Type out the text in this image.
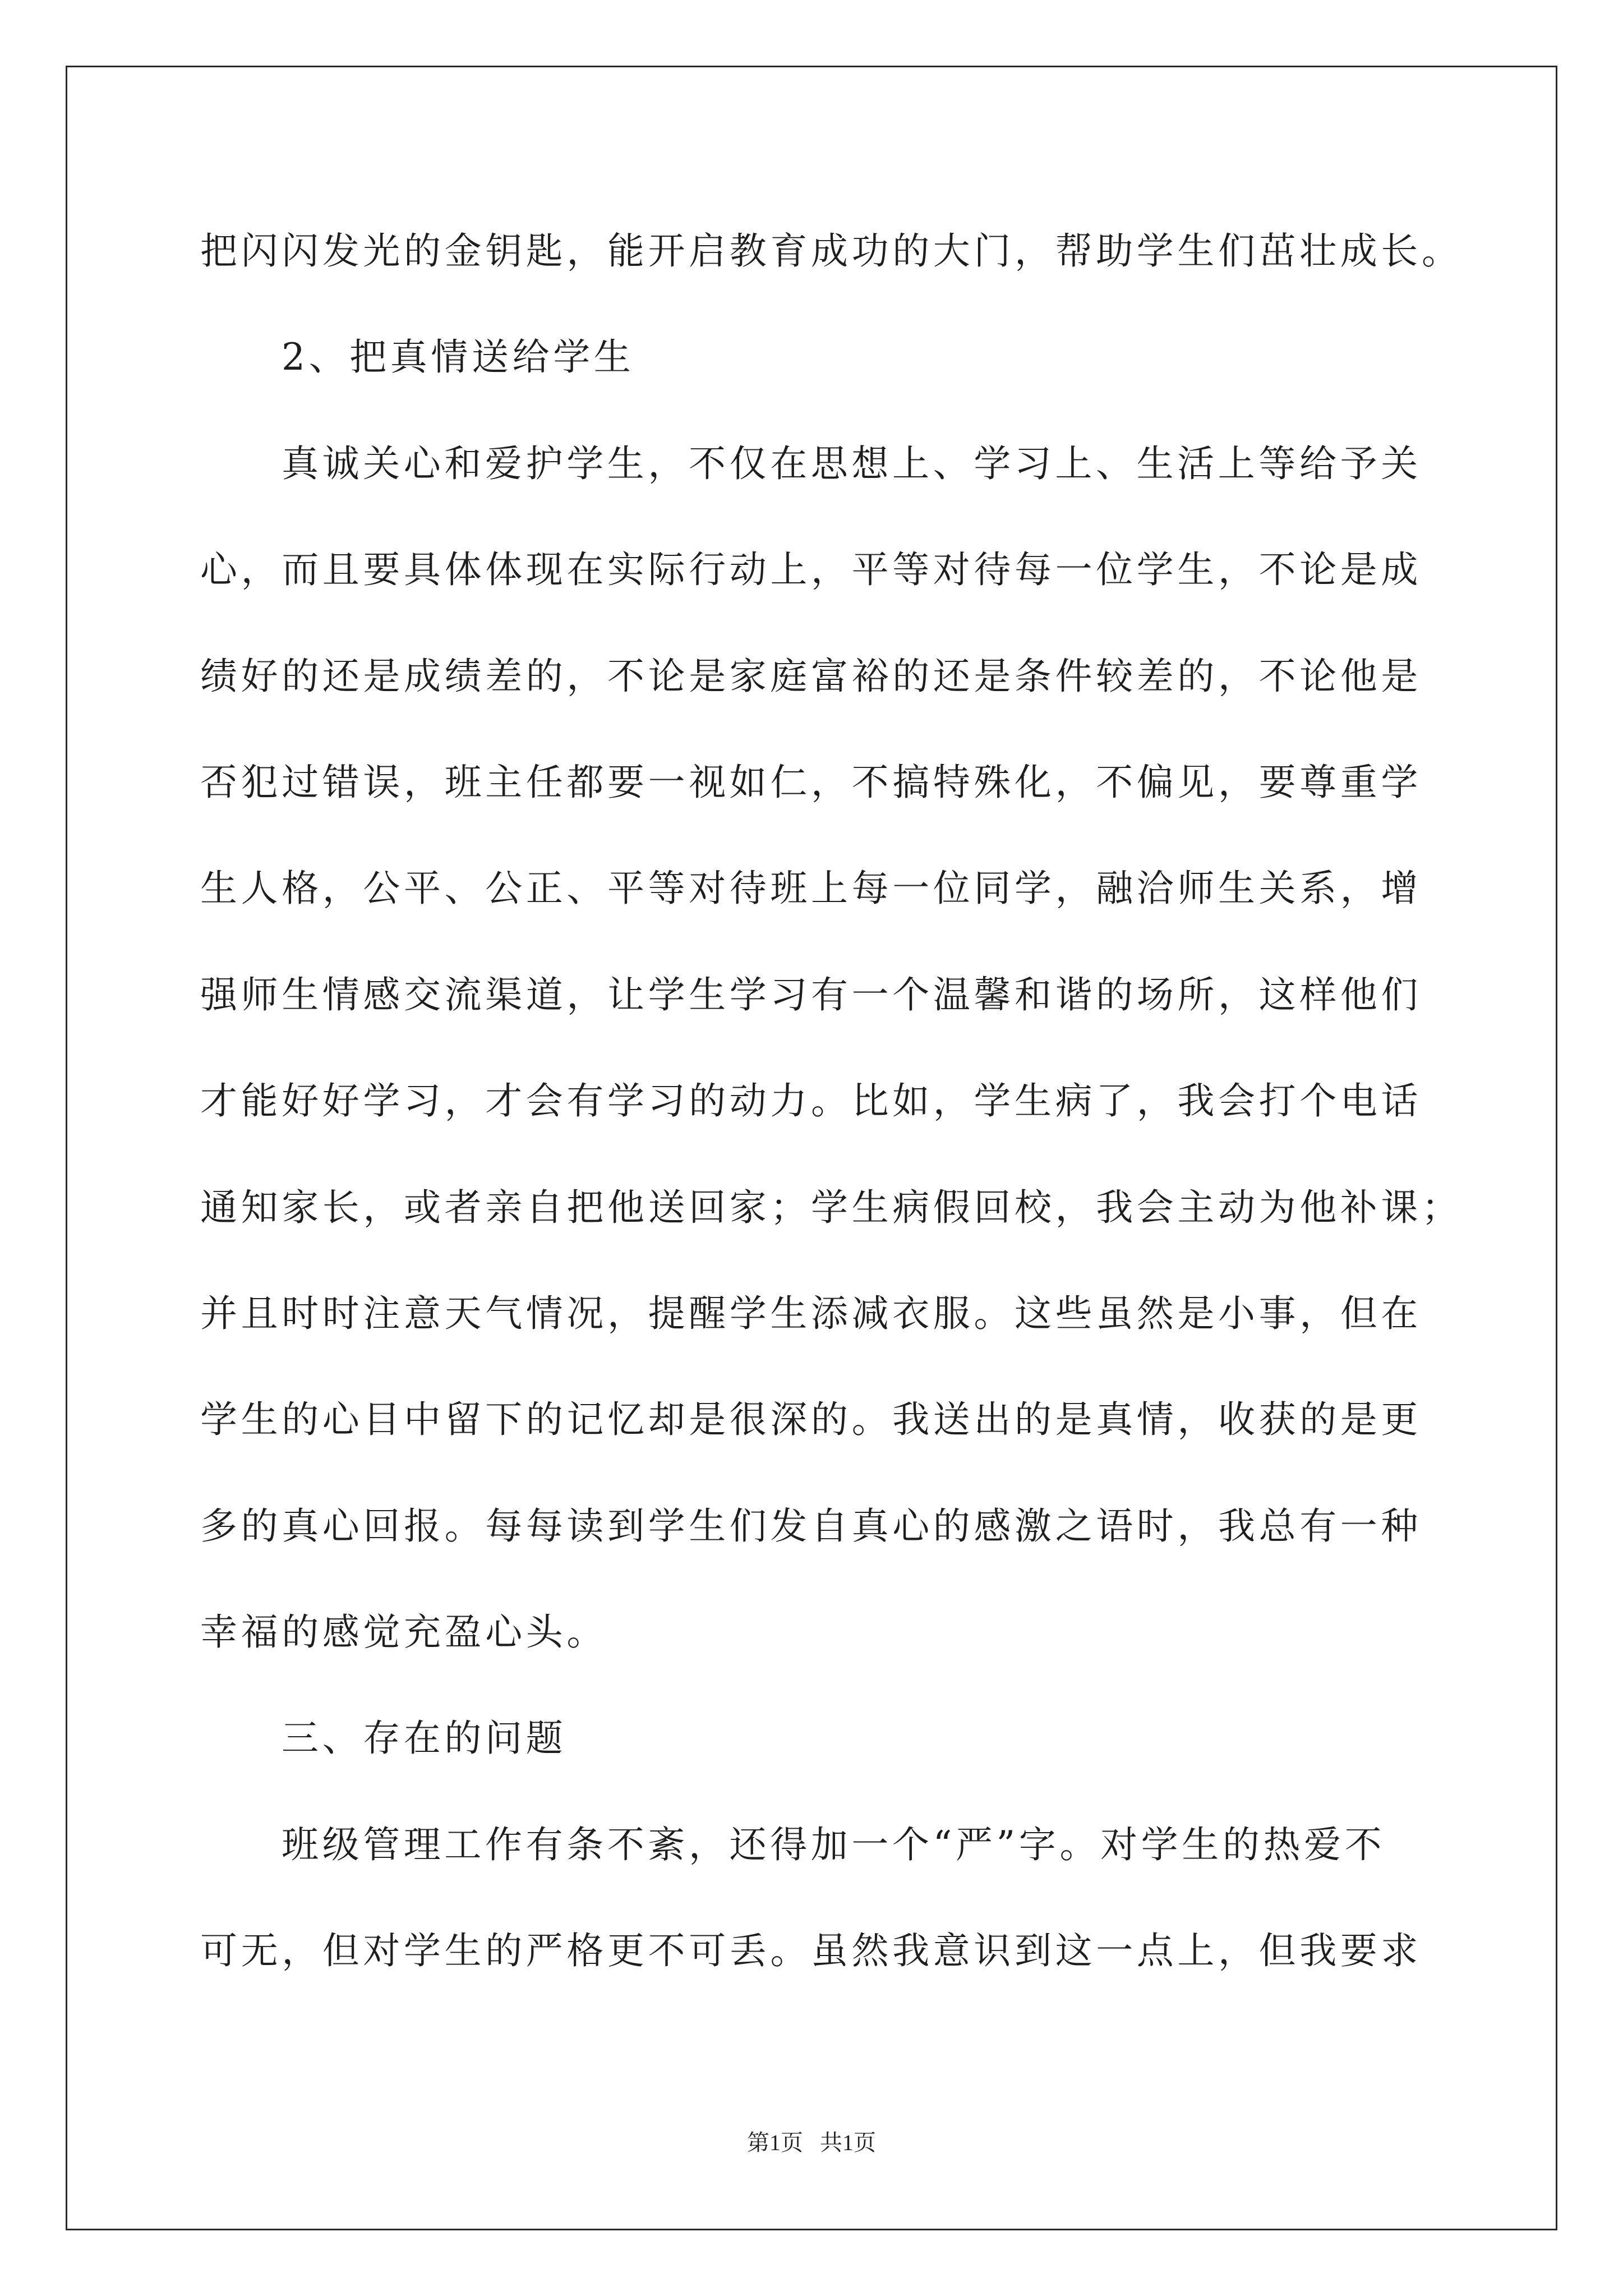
把闪闪发光的金钥匙，能开启教育成功的大门，帮助学生们茁壮成长。
2、把真情送给学生
真诚关心和爱护学生，不仅在思想上、学习上、生活上等给予关
心，而且要具体体现在实际行动上，平等对待每一位学生，不论是成
绩好的还是成绩差的，不论是家庭富裕的还是条件较差的，不论他是
否犯过错误，班主任都要一视如仁，不搞特殊化，不偏见，要尊重学
生人格，公平、公正、平等对待班上每一位同学，融洽师生关系，增
强师生情感交流渠道，让学生学习有一个温馨和谐的场所，这样他们
才能好好学习，才会有学习的动力。比如，学生病了，我会打个电话
通知家长，或者亲自把他送回家；学生病假回校，我会主动为他补课；
并且时时注意天气情况，提醒学生添减衣服。这些虽然是小事，但在
学生的心目中留下的记忆却是很深的。我送出的是真情，收获的是更
多的真心回报。每每读到学生们发自真心的感激之语时，我总有一种
幸福的感觉充盈心头。
三、存在的问题
班级管理工作有条不紊，还得加一个“严”字。对学生的热爱不
可无，但对学生的严格更不可丢。虽然我意识到这一点上，但我要求
第1页   共1页
